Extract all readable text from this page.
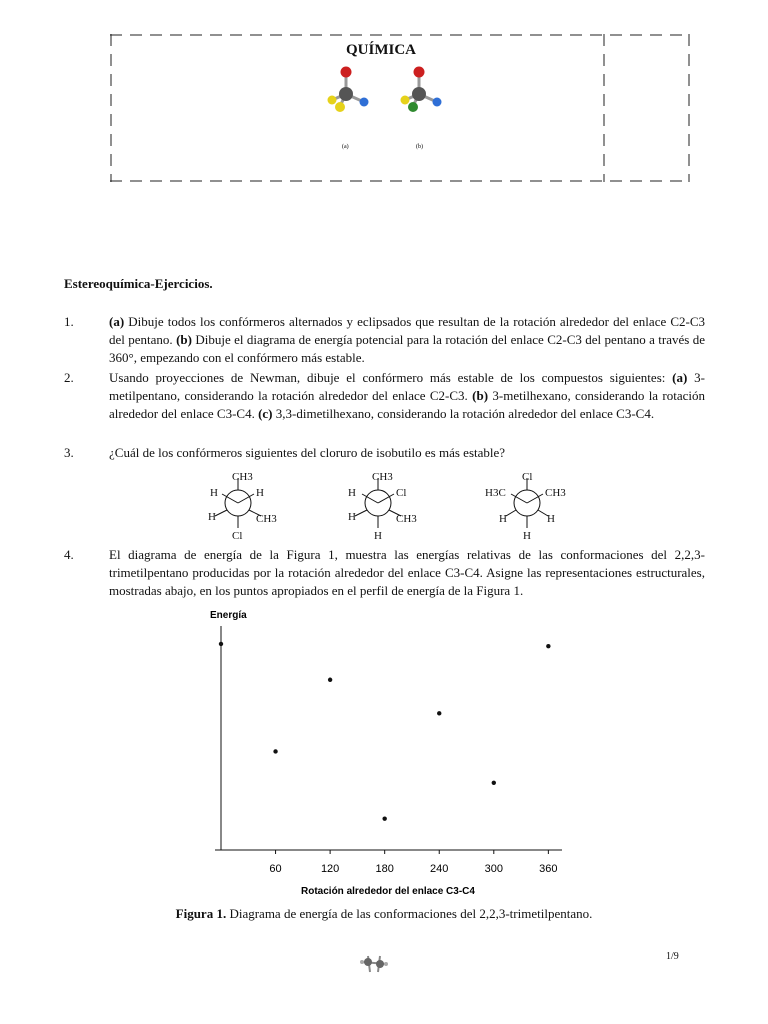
QUÍMICA
(a)	(b)
Estereoquímica-Ejercicios.
1.	(a) Dibuje todos los confórmeros alternados y eclipsados que resultan de la rotación alrededor del enlace C2-C3 del pentano. (b) Dibuje el diagrama de energía potencial para la rotación del enlace C2-C3 del pentano a través de 360°, empezando con el confórmero más estable.
2.	Usando proyecciones de Newman, dibuje el confórmero más estable de los compuestos siguientes: (a) 3-metilpentano, considerando la rotación alrededor del enlace C2-C3. (b) 3-metilhexano, considerando la rotación alrededor del enlace C3-C4. (c) 3,3-dimetilhexano, considerando la rotación alrededor del enlace C3-C4.
3.	¿Cuál de los confórmeros siguientes del cloruro de isobutilo es más estable?
CH3
H	H
H	CH3
Cl
CH3
H	Cl
H	CH3
H
Cl
H3C	CH3
H	H
H
4.	El diagrama de energía de la Figura 1, muestra las energías relativas de las conformaciones del 2,2,3-trimetilpentano producidas por la rotación alrededor del enlace C3-C4. Asigne las representaciones estructurales, mostradas abajo, en los puntos apropiados en el perfil de energía de la Figura 1.
Energía
60	120	180	240	300	360
Rotación alrededor del enlace C3-C4
Figura 1. Diagrama de energía de las conformaciones del 2,2,3-trimetilpentano.
1/9
